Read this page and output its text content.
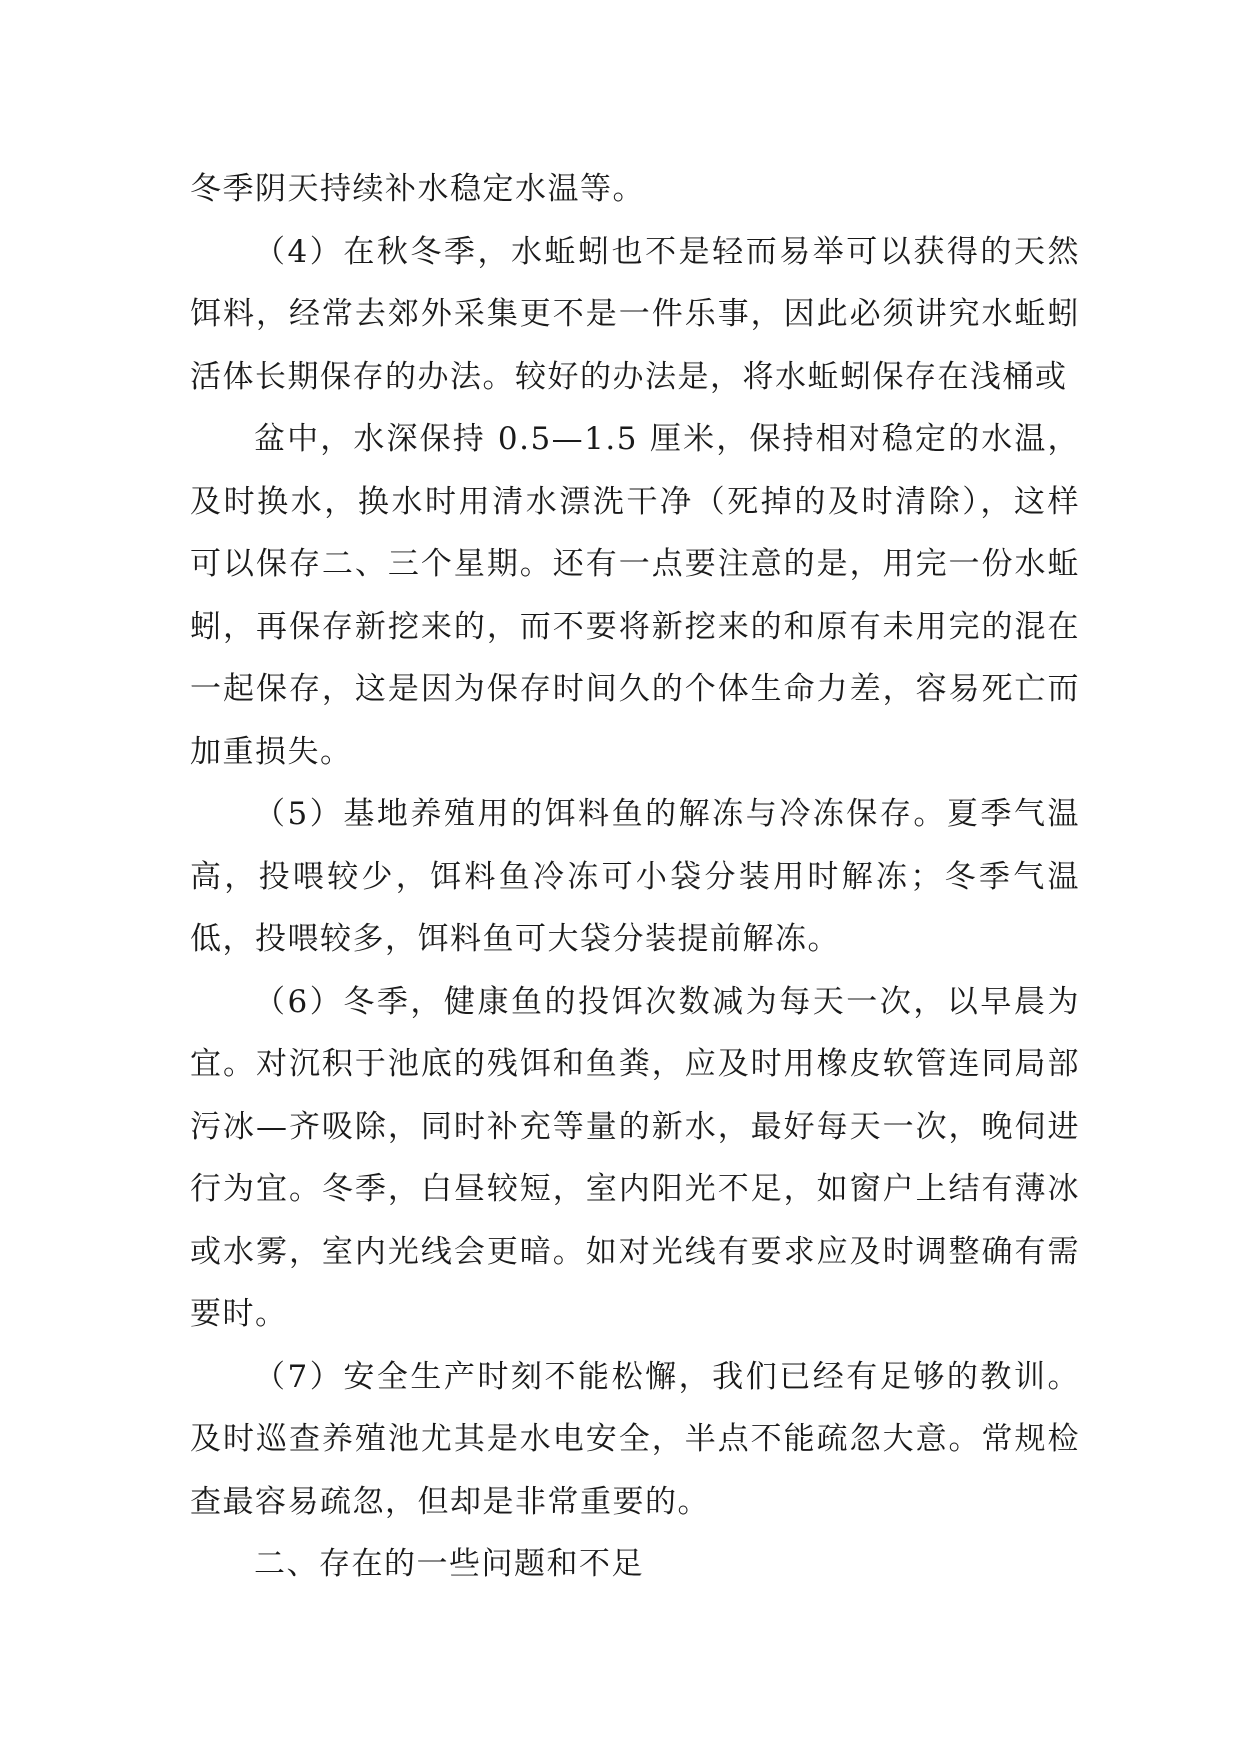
冬季阴天持续补水稳定水温等。

（4）在秋冬季，水蚯蚓也不是轻而易举可以获得的天然饵料，经常去郊外采集更不是一件乐事，因此必须讲究水蚯蚓活体长期保存的办法。较好的办法是，将水蚯蚓保存在浅桶或

盆中，水深保持 0.5—1.5 厘米，保持相对稳定的水温，及时换水，换水时用清水漂洗干净（死掉的及时清除），这样可以保存二、三个星期。还有一点要注意的是，用完一份水蚯蚓，再保存新挖来的，而不要将新挖来的和原有未用完的混在一起保存，这是因为保存时间久的个体生命力差，容易死亡而加重损失。

（5）基地养殖用的饵料鱼的解冻与冷冻保存。夏季气温高，投喂较少，饵料鱼冷冻可小袋分装用时解冻；冬季气温低，投喂较多，饵料鱼可大袋分装提前解冻。

（6）冬季，健康鱼的投饵次数减为每天一次，以早晨为宜。对沉积于池底的残饵和鱼粪，应及时用橡皮软管连同局部污冰—齐吸除，同时补充等量的新水，最好每天一次，晚伺进行为宜。冬季，白昼较短，室内阳光不足，如窗户上结有薄冰或水雾，室内光线会更暗。如对光线有要求应及时调整确有需要时。

（7）安全生产时刻不能松懈，我们已经有足够的教训。及时巡查养殖池尤其是水电安全，半点不能疏忽大意。常规检查最容易疏忽，但却是非常重要的。

二、存在的一些问题和不足
